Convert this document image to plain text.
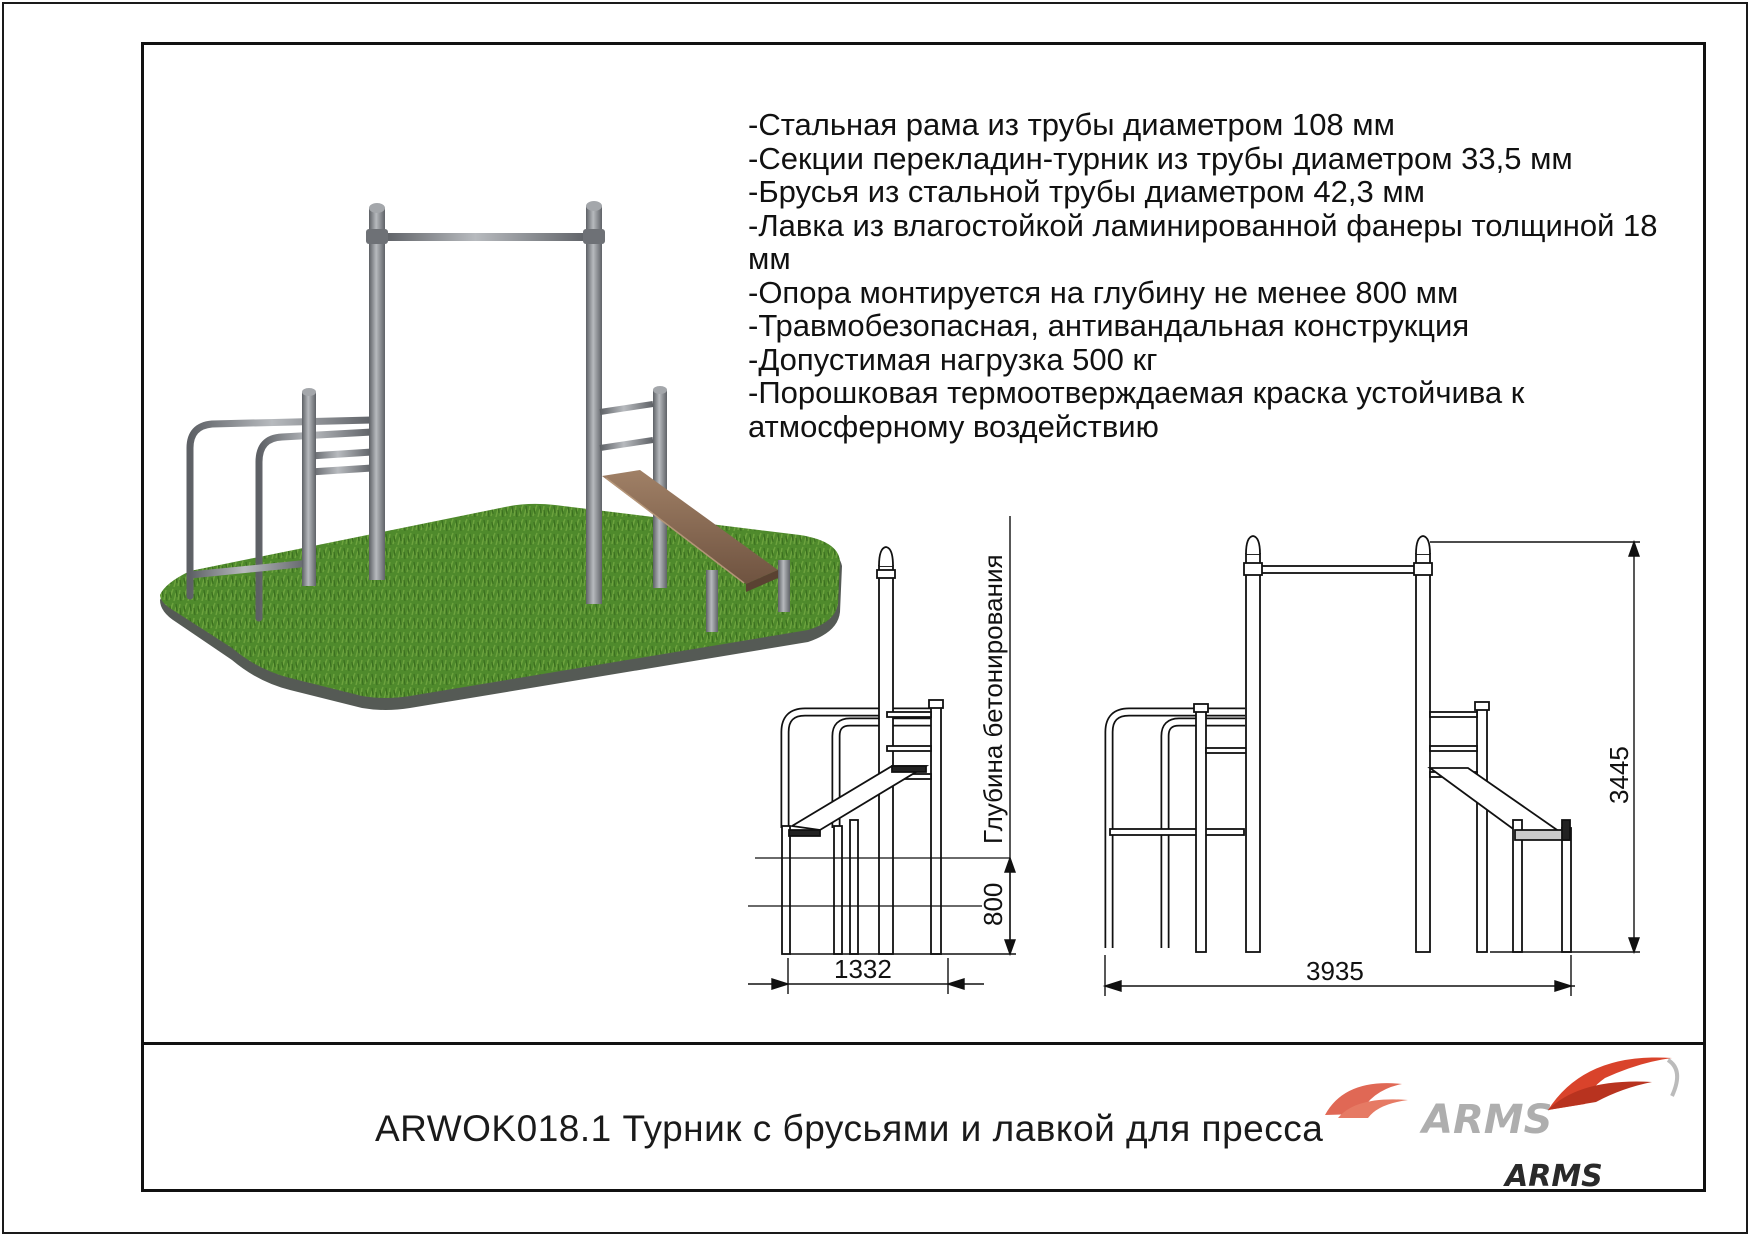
-Стальная рама из трубы диаметром 108 мм
-Секции перекладин-турник из трубы диаметром 33,5 мм
-Брусья из стальной трубы диаметром 42,3 мм
-Лавка из влагостойкой ламинированной фанеры толщиной 18 мм
-Опора монтируется на глубину не менее 800 мм
-Травмобезопасная, антивандальная конструкция
-Допустимая нагрузка 500 кг
-Порошковая термоотверждаемая краска устойчива к атмосферному воздействию
Глубина бетонирования
800
1332	3935
3445
ARWOK018.1 Турник с брусьями и лавкой для пресса ARMS
ARMS
